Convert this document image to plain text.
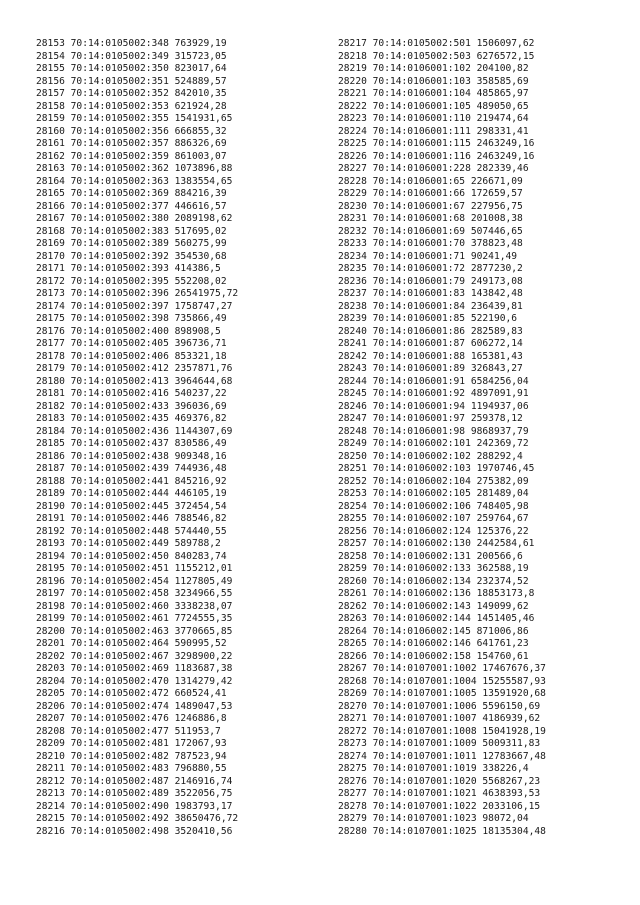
28153 70:14:0105002:348 763929,19
28154 70:14:0105002:349 315723,05
28155 70:14:0105002:350 823017,64
28156 70:14:0105002:351 524889,57
28157 70:14:0105002:352 842010,35
28158 70:14:0105002:353 621924,28
28159 70:14:0105002:355 1541931,65
28160 70:14:0105002:356 666855,32
28161 70:14:0105002:357 886326,69
28162 70:14:0105002:359 861003,07
28163 70:14:0105002:362 1073896,88
28164 70:14:0105002:363 1383554,65
28165 70:14:0105002:369 884216,39
28166 70:14:0105002:377 446616,57
28167 70:14:0105002:380 2089198,62
28168 70:14:0105002:383 517695,02
28169 70:14:0105002:389 560275,99
28170 70:14:0105002:392 354530,68
28171 70:14:0105002:393 414386,5
28172 70:14:0105002:395 552208,02
28173 70:14:0105002:396 26541975,72
28174 70:14:0105002:397 1758747,27
28175 70:14:0105002:398 735866,49
28176 70:14:0105002:400 898908,5
28177 70:14:0105002:405 396736,71
28178 70:14:0105002:406 853321,18
28179 70:14:0105002:412 2357871,76
28180 70:14:0105002:413 3964644,68
28181 70:14:0105002:416 540237,22
28182 70:14:0105002:433 396036,69
28183 70:14:0105002:435 469376,82
28184 70:14:0105002:436 1144307,69
28185 70:14:0105002:437 830586,49
28186 70:14:0105002:438 909348,16
28187 70:14:0105002:439 744936,48
28188 70:14:0105002:441 845216,92
28189 70:14:0105002:444 446105,19
28190 70:14:0105002:445 372454,54
28191 70:14:0105002:446 788546,82
28192 70:14:0105002:448 574440,55
28193 70:14:0105002:449 589788,2
28194 70:14:0105002:450 840283,74
28195 70:14:0105002:451 1155212,01
28196 70:14:0105002:454 1127805,49
28197 70:14:0105002:458 3234966,55
28198 70:14:0105002:460 3338238,07
28199 70:14:0105002:461 7724555,35
28200 70:14:0105002:463 3770665,85
28201 70:14:0105002:464 590995,52
28202 70:14:0105002:467 3298900,22
28203 70:14:0105002:469 1183687,38
28204 70:14:0105002:470 1314279,42
28205 70:14:0105002:472 660524,41
28206 70:14:0105002:474 1489047,53
28207 70:14:0105002:476 1246886,8
28208 70:14:0105002:477 511953,7
28209 70:14:0105002:481 172067,93
28210 70:14:0105002:482 787523,94
28211 70:14:0105002:483 796880,55
28212 70:14:0105002:487 2146916,74
28213 70:14:0105002:489 3522056,75
28214 70:14:0105002:490 1983793,17
28215 70:14:0105002:492 38650476,72
28216 70:14:0105002:498 3520410,56
28217 70:14:0105002:501 1506097,62
28218 70:14:0105002:503 6276572,15
28219 70:14:0106001:102 204100,82
28220 70:14:0106001:103 358585,69
28221 70:14:0106001:104 485865,97
28222 70:14:0106001:105 489050,65
28223 70:14:0106001:110 219474,64
28224 70:14:0106001:111 298331,41
28225 70:14:0106001:115 2463249,16
28226 70:14:0106001:116 2463249,16
28227 70:14:0106001:228 282339,46
28228 70:14:0106001:65 226671,09
28229 70:14:0106001:66 172659,57
28230 70:14:0106001:67 227956,75
28231 70:14:0106001:68 201008,38
28232 70:14:0106001:69 507446,65
28233 70:14:0106001:70 378823,48
28234 70:14:0106001:71 90241,49
28235 70:14:0106001:72 2877230,2
28236 70:14:0106001:79 249173,08
28237 70:14:0106001:83 143842,48
28238 70:14:0106001:84 236439,81
28239 70:14:0106001:85 522190,6
28240 70:14:0106001:86 282589,83
28241 70:14:0106001:87 606272,14
28242 70:14:0106001:88 165381,43
28243 70:14:0106001:89 326843,27
28244 70:14:0106001:91 6584256,04
28245 70:14:0106001:92 4897091,91
28246 70:14:0106001:94 1194937,06
28247 70:14:0106001:97 259378,12
28248 70:14:0106001:98 9868937,79
28249 70:14:0106002:101 242369,72
28250 70:14:0106002:102 288292,4
28251 70:14:0106002:103 1970746,45
28252 70:14:0106002:104 275382,09
28253 70:14:0106002:105 281489,04
28254 70:14:0106002:106 748405,98
28255 70:14:0106002:107 259764,67
28256 70:14:0106002:124 125376,22
28257 70:14:0106002:130 2442584,61
28258 70:14:0106002:131 200566,6
28259 70:14:0106002:133 362588,19
28260 70:14:0106002:134 232374,52
28261 70:14:0106002:136 18853173,8
28262 70:14:0106002:143 149099,62
28263 70:14:0106002:144 1451405,46
28264 70:14:0106002:145 871006,86
28265 70:14:0106002:146 641761,23
28266 70:14:0106002:158 154760,61
28267 70:14:0107001:1002 17467676,37
28268 70:14:0107001:1004 15255587,93
28269 70:14:0107001:1005 13591920,68
28270 70:14:0107001:1006 5596150,69
28271 70:14:0107001:1007 4186939,62
28272 70:14:0107001:1008 15041928,19
28273 70:14:0107001:1009 5009311,83
28274 70:14:0107001:1011 12783667,48
28275 70:14:0107001:1019 338226,4
28276 70:14:0107001:1020 5568267,23
28277 70:14:0107001:1021 4638393,53
28278 70:14:0107001:1022 2033106,15
28279 70:14:0107001:1023 98072,04
28280 70:14:0107001:1025 18135304,48
